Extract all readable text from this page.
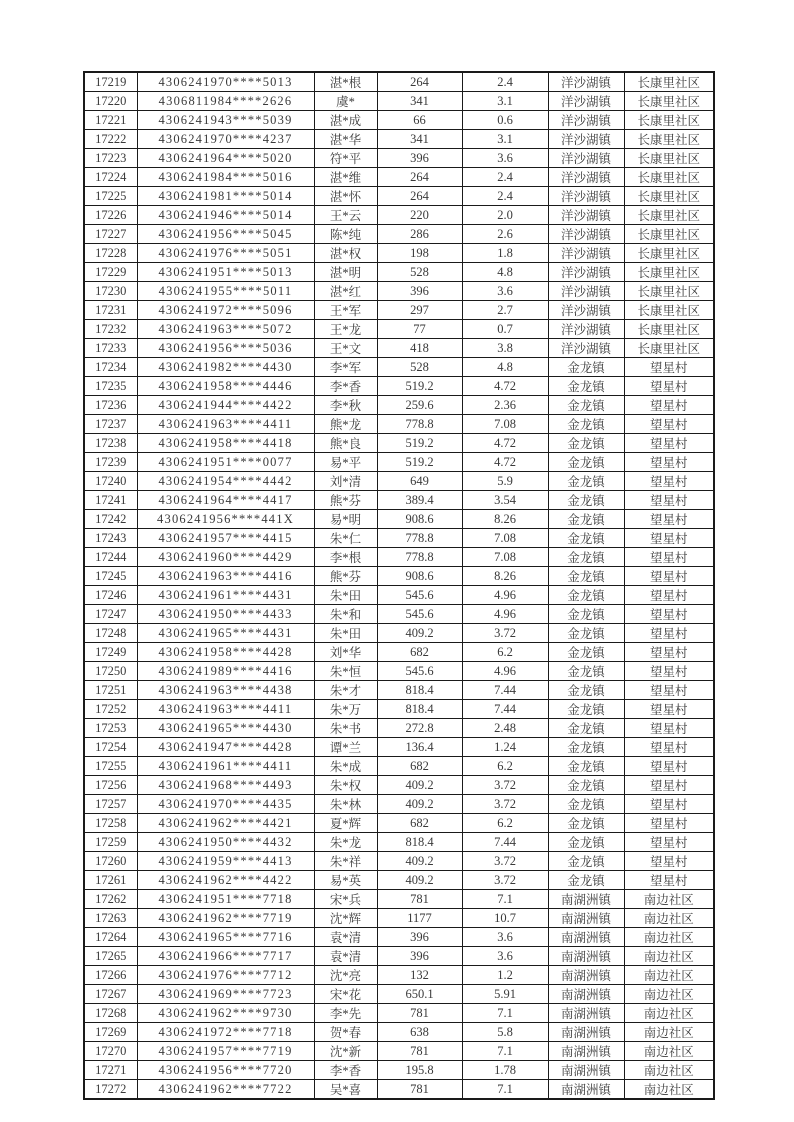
17219	4306241970****5013	湛*根	264	2.4	洋沙湖镇	长康里社区
17220	4306811984****2626	虞*	341	3.1	洋沙湖镇	长康里社区
17221	4306241943****5039	湛*成	66	0.6	洋沙湖镇	长康里社区
17222	4306241970****4237	湛*华	341	3.1	洋沙湖镇	长康里社区
17223	4306241964****5020	符*平	396	3.6	洋沙湖镇	长康里社区
17224	4306241984****5016	湛*维	264	2.4	洋沙湖镇	长康里社区
17225	4306241981****5014	湛*怀	264	2.4	洋沙湖镇	长康里社区
17226	4306241946****5014	王*云	220	2.0	洋沙湖镇	长康里社区
17227	4306241956****5045	陈*纯	286	2.6	洋沙湖镇	长康里社区
17228	4306241976****5051	湛*权	198	1.8	洋沙湖镇	长康里社区
17229	4306241951****5013	湛*明	528	4.8	洋沙湖镇	长康里社区
17230	4306241955****5011	湛*红	396	3.6	洋沙湖镇	长康里社区
17231	4306241972****5096	王*军	297	2.7	洋沙湖镇	长康里社区
17232	4306241963****5072	王*龙	77	0.7	洋沙湖镇	长康里社区
17233	4306241956****5036	王*文	418	3.8	洋沙湖镇	长康里社区
17234	4306241982****4430	李*军	528	4.8	金龙镇	望星村
17235	4306241958****4446	李*香	519.2	4.72	金龙镇	望星村
17236	4306241944****4422	李*秋	259.6	2.36	金龙镇	望星村
17237	4306241963****4411	熊*龙	778.8	7.08	金龙镇	望星村
17238	4306241958****4418	熊*良	519.2	4.72	金龙镇	望星村
17239	4306241951****0077	易*平	519.2	4.72	金龙镇	望星村
17240	4306241954****4442	刘*清	649	5.9	金龙镇	望星村
17241	4306241964****4417	熊*芬	389.4	3.54	金龙镇	望星村
17242	4306241956****441X	易*明	908.6	8.26	金龙镇	望星村
17243	4306241957****4415	朱*仁	778.8	7.08	金龙镇	望星村
17244	4306241960****4429	李*根	778.8	7.08	金龙镇	望星村
17245	4306241963****4416	熊*芬	908.6	8.26	金龙镇	望星村
17246	4306241961****4431	朱*田	545.6	4.96	金龙镇	望星村
17247	4306241950****4433	朱*和	545.6	4.96	金龙镇	望星村
17248	4306241965****4431	朱*田	409.2	3.72	金龙镇	望星村
17249	4306241958****4428	刘*华	682	6.2	金龙镇	望星村
17250	4306241989****4416	朱*恒	545.6	4.96	金龙镇	望星村
17251	4306241963****4438	朱*才	818.4	7.44	金龙镇	望星村
17252	4306241963****4411	朱*万	818.4	7.44	金龙镇	望星村
17253	4306241965****4430	朱*书	272.8	2.48	金龙镇	望星村
17254	4306241947****4428	谭*兰	136.4	1.24	金龙镇	望星村
17255	4306241961****4411	朱*成	682	6.2	金龙镇	望星村
17256	4306241968****4493	朱*权	409.2	3.72	金龙镇	望星村
17257	4306241970****4435	朱*林	409.2	3.72	金龙镇	望星村
17258	4306241962****4421	夏*辉	682	6.2	金龙镇	望星村
17259	4306241950****4432	朱*龙	818.4	7.44	金龙镇	望星村
17260	4306241959****4413	朱*祥	409.2	3.72	金龙镇	望星村
17261	4306241962****4422	易*英	409.2	3.72	金龙镇	望星村
17262	4306241951****7718	宋*兵	781	7.1	南湖洲镇	南边社区
17263	4306241962****7719	沈*辉	1177	10.7	南湖洲镇	南边社区
17264	4306241965****7716	袁*清	396	3.6	南湖洲镇	南边社区
17265	4306241966****7717	袁*清	396	3.6	南湖洲镇	南边社区
17266	4306241976****7712	沈*亮	132	1.2	南湖洲镇	南边社区
17267	4306241969****7723	宋*花	650.1	5.91	南湖洲镇	南边社区
17268	4306241962****9730	李*先	781	7.1	南湖洲镇	南边社区
17269	4306241972****7718	贺*春	638	5.8	南湖洲镇	南边社区
17270	4306241957****7719	沈*新	781	7.1	南湖洲镇	南边社区
17271	4306241956****7720	李*香	195.8	1.78	南湖洲镇	南边社区
17272	4306241962****7722	吴*喜	781	7.1	南湖洲镇	南边社区
